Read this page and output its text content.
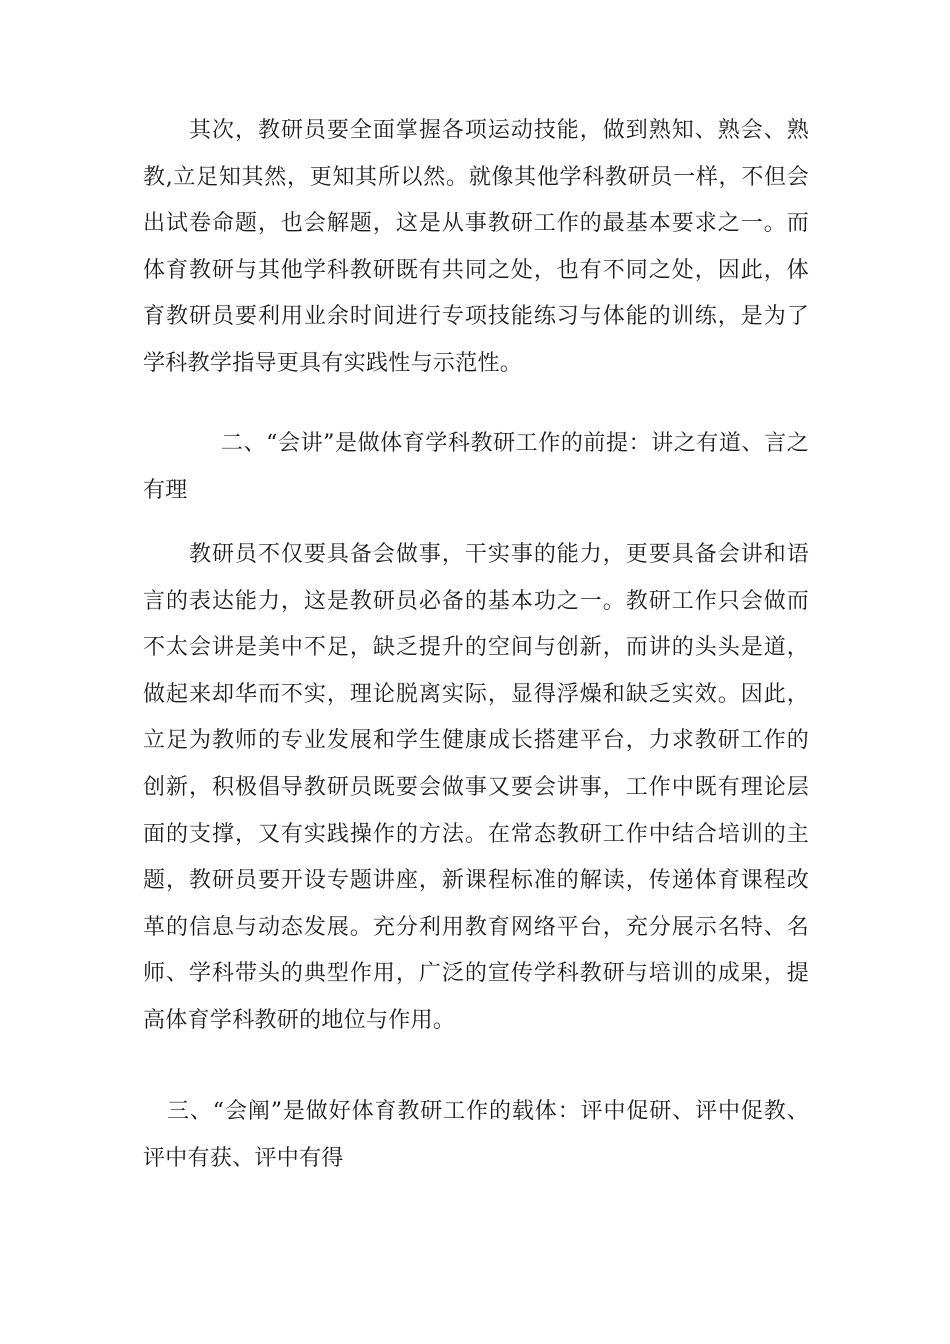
其次，教研员要全面掌握各项运动技能，做到熟知、熟会、熟教,立足知其然，更知其所以然。就像其他学科教研员一样，不但会出试卷命题，也会解题，这是从事教研工作的最基本要求之一。而体育教研与其他学科教研既有共同之处，也有不同之处，因此，体育教研员要利用业余时间进行专项技能练习与体能的训练，是为了学科教学指导更具有实践性与示范性。

二、“会讲”是做体育学科教研工作的前提：讲之有道、言之有理

教研员不仅要具备会做事，干实事的能力，更要具备会讲和语言的表达能力，这是教研员必备的基本功之一。教研工作只会做而不太会讲是美中不足，缺乏提升的空间与创新，而讲的头头是道，做起来却华而不实，理论脱离实际，显得浮燥和缺乏实效。因此，立足为教师的专业发展和学生健康成长搭建平台，力求教研工作的创新，积极倡导教研员既要会做事又要会讲事，工作中既有理论层面的支撑，又有实践操作的方法。在常态教研工作中结合培训的主题，教研员要开设专题讲座，新课程标准的解读，传递体育课程改革的信息与动态发展。充分利用教育网络平台，充分展示名特、名师、学科带头的典型作用，广泛的宣传学科教研与培训的成果，提高体育学科教研的地位与作用。

三、“会阐”是做好体育教研工作的载体：评中促研、评中促教、评中有获、评中有得
